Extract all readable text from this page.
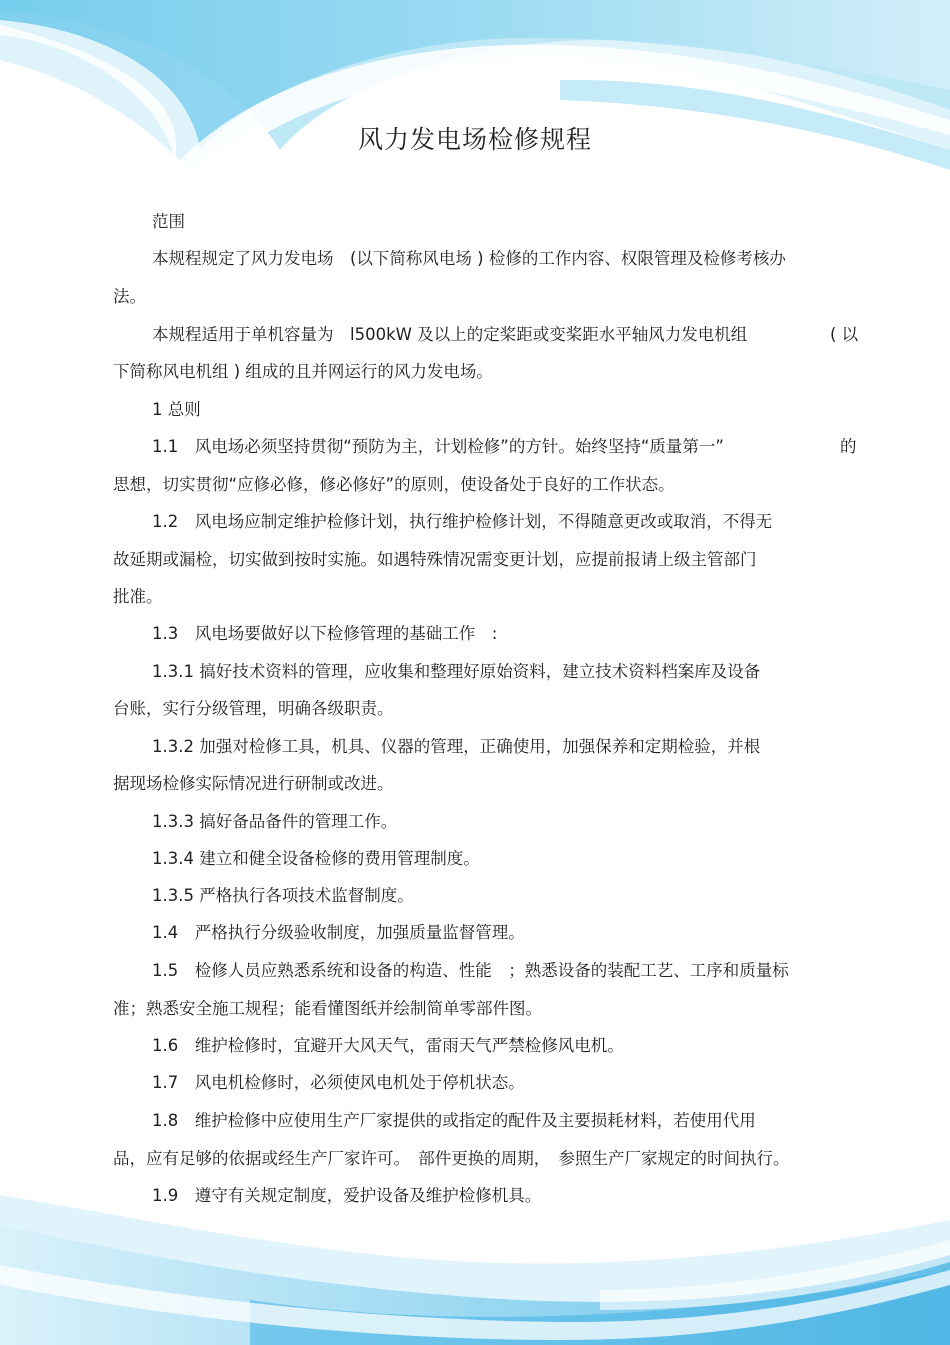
风力发电场检修规程

范围

本规程规定了风力发电场　(以下简称风电场 ) 检修的工作内容、权限管理及检修考核办

法。

本规程适用于单机容量为　l500kW 及以上的定桨距或变桨距水平轴风力发电机组	( 以

下简称风电机组 ) 组成的且并网运行的风力发电场。

1 总则

1.1　风电场必须坚持贯彻“预防为主，计划检修”的方针。始终坚持“质量第一”	的

思想，切实贯彻“应修必修，修必修好”的原则，使设备处于良好的工作状态。

1.2　风电场应制定维护检修计划，执行维护检修计划，不得随意更改或取消，不得无

故延期或漏检，切实做到按时实施。如遇特殊情况需变更计划，应提前报请上级主管部门

批准。

1.3　风电场要做好以下检修管理的基础工作　:

1.3.1 搞好技术资料的管理，应收集和整理好原始资料，建立技术资料档案库及设备

台账，实行分级管理，明确各级职责。

1.3.2 加强对检修工具，机具、仪器的管理，正确使用，加强保养和定期检验，并根

据现场检修实际情况进行研制或改进。

1.3.3 搞好备品备件的管理工作。

1.3.4 建立和健全设备检修的费用管理制度。

1.3.5 严格执行各项技术监督制度。

1.4　严格执行分级验收制度，加强质量监督管理。

1.5　检修人员应熟悉系统和设备的构造、性能　；熟悉设备的装配工艺、工序和质量标

准；熟悉安全施工规程；能看懂图纸并绘制简单零部件图。

1.6　维护检修时，宜避开大风天气，雷雨天气严禁检修风电机。

1.7　风电机检修时，必须使风电机处于停机状态。

1.8　维护检修中应使用生产厂家提供的或指定的配件及主要损耗材料，若使用代用

品，应有足够的依据或经生产厂家许可。　部件更换的周期，　参照生产厂家规定的时间执行。

1.9　遵守有关规定制度，爱护设备及维护检修机具。
